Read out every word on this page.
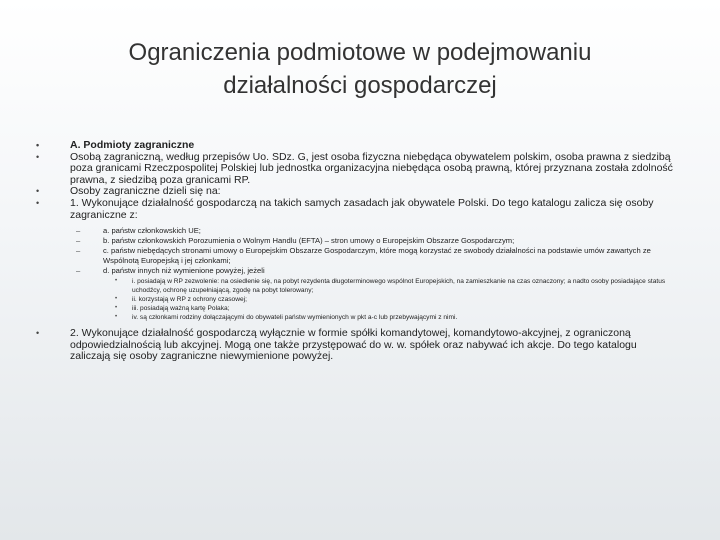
Ograniczenia podmiotowe w podejmowaniu
działalności gospodarczej
• A. Podmioty zagraniczne
• Osobą zagraniczną, według przepisów Uo. SDz. G, jest osoba fizyczna niebędąca obywatelem polskim, osoba prawna z siedzibą poza granicami Rzeczpospolitej Polskiej lub jednostka organizacyjna niebędąca osobą prawną, której przyznana została zdolność prawna, z siedzibą poza granicami RP.
• Osoby zagraniczne dzieli się na:
• 1. Wykonujące działalność gospodarczą na takich samych zasadach jak obywatele Polski. Do tego katalogu zalicza się osoby zagraniczne z:
– a. państw członkowskich UE;
– b. państw członkowskich Porozumienia o Wolnym Handlu (EFTA) – stron umowy o Europejskim Obszarze Gospodarczym;
– c. państw niebędących stronami umowy o Europejskim Obszarze Gospodarczym, które mogą korzystać ze swobody działalności na podstawie umów zawartych ze Wspólnotą Europejską i jej członkami;
– d. państw innych niż wymienione powyżej, jeżeli
• i. posiadają w RP zezwolenie: na osiedlenie się, na pobyt rezydenta długoterminowego wspólnot Europejskich, na zamieszkanie na czas oznaczony; a nadto osoby posiadające status uchodźcy, ochronę uzupełniającą, zgodę na pobyt tolerowany;
• ii. korzystają w RP z ochrony czasowej;
• iii. posiadają ważną kartę Polaka;
• iv. są członkami rodziny dołączającymi do obywateli państw wymienionych w pkt a-c lub przebywającymi z nimi.
• 2. Wykonujące działalność gospodarczą wyłącznie w formie spółki komandytowej, komandytowo-akcyjnej, z ograniczoną odpowiedzialnością lub akcyjnej. Mogą one także przystępować do w. w. spółek oraz nabywać ich akcje. Do tego katalogu zaliczają się osoby zagraniczne niewymienione powyżej.
